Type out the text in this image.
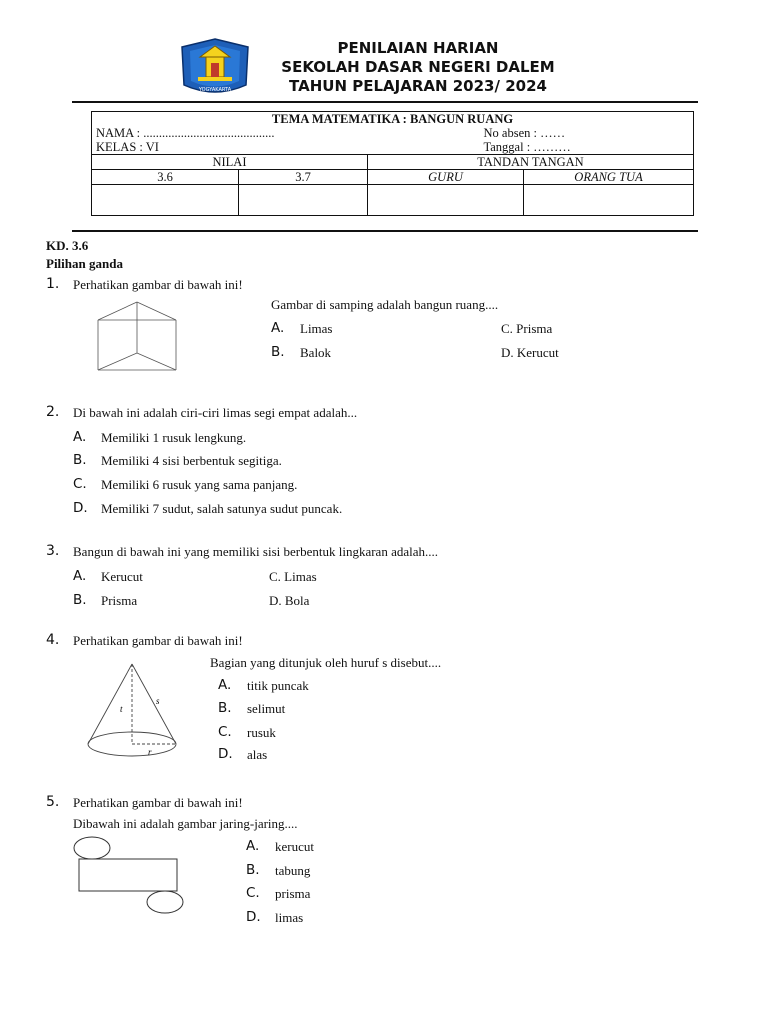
YOGYAKARTA
PENILAIAN HARIAN
SEKOLAH DASAR NEGERI DALEM
TAHUN PELAJARAN 2023/ 2024
TEMA MATEMATIKA : BANGUN RUANG			
NAMA : .......................................... No absen : ……			

KELAS : VI Tanggal : ………			

NILAI		TANDAN TANGAN	
3.6	3.7	GURU	ORANG TUA

KD. 3.6
Pilihan ganda
1. Perhatikan gambar di bawah ini!
Gambar di samping adalah bangun ruang....
A. Limas	C. Prisma
B. Balok	D. Kerucut
2. Di bawah ini adalah ciri-ciri limas segi empat adalah...
A. Memiliki 1 rusuk lengkung.
B. Memiliki 4 sisi berbentuk segitiga.
C. Memiliki 6 rusuk yang sama panjang.
D. Memiliki 7 sudut, salah satunya sudut puncak.
3. Bangun di bawah ini yang memiliki sisi berbentuk lingkaran adalah....
A. Kerucut	C. Limas
B. Prisma	D. Bola
4. Perhatikan gambar di bawah ini!
t
s
r
Bagian yang ditunjuk oleh huruf s disebut....
A. titik puncak
B. selimut
C. rusuk
D. alas
5. Perhatikan gambar di bawah ini!
Dibawah ini adalah gambar jaring-jaring....
A. kerucut
B. tabung
C. prisma
D. limas
